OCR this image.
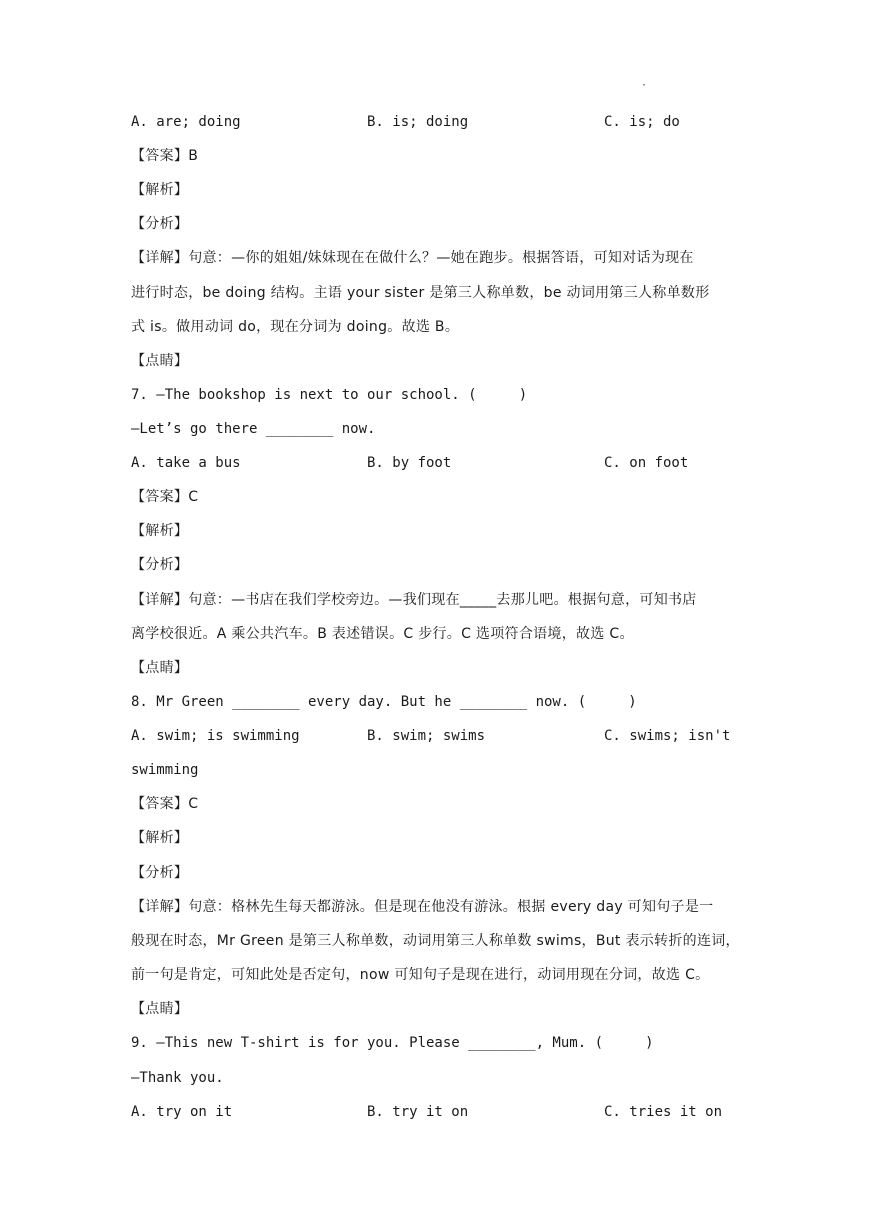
·
A. are; doing	B. is; doing	C. is; do
【答案】B
【解析】
【分析】
【详解】句意：—你的姐姐/妹妹现在在做什么？—她在跑步。根据答语，可知对话为现在
进行时态，be doing 结构。主语 your sister 是第三人称单数，be 动词用第三人称单数形
式 is。做用动词 do，现在分词为 doing。故选 B。
【点睛】
7. —The bookshop is next to our school. (     )
—Let’s go there ________ now.
A. take a bus	B. by foot	C. on foot
【答案】C
【解析】
【分析】
【详解】句意：—书店在我们学校旁边。—我们现在_____去那儿吧。根据句意，可知书店
离学校很近。A 乘公共汽车。B 表述错误。C 步行。C 选项符合语境，故选 C。
【点睛】
8. Mr Green ________ every day. But he ________ now. (     )
A. swim; is swimming	B. swim; swims	C. swims; isn't
swimming
【答案】C
【解析】
【分析】
【详解】句意：格林先生每天都游泳。但是现在他没有游泳。根据 every day 可知句子是一
般现在时态，Mr Green 是第三人称单数，动词用第三人称单数 swims，But 表示转折的连词，
前一句是肯定，可知此处是否定句，now 可知句子是现在进行，动词用现在分词，故选 C。
【点睛】
9. —This new T-shirt is for you. Please ________, Mum. (     )
—Thank you.
A. try on it	B. try it on	C. tries it on
